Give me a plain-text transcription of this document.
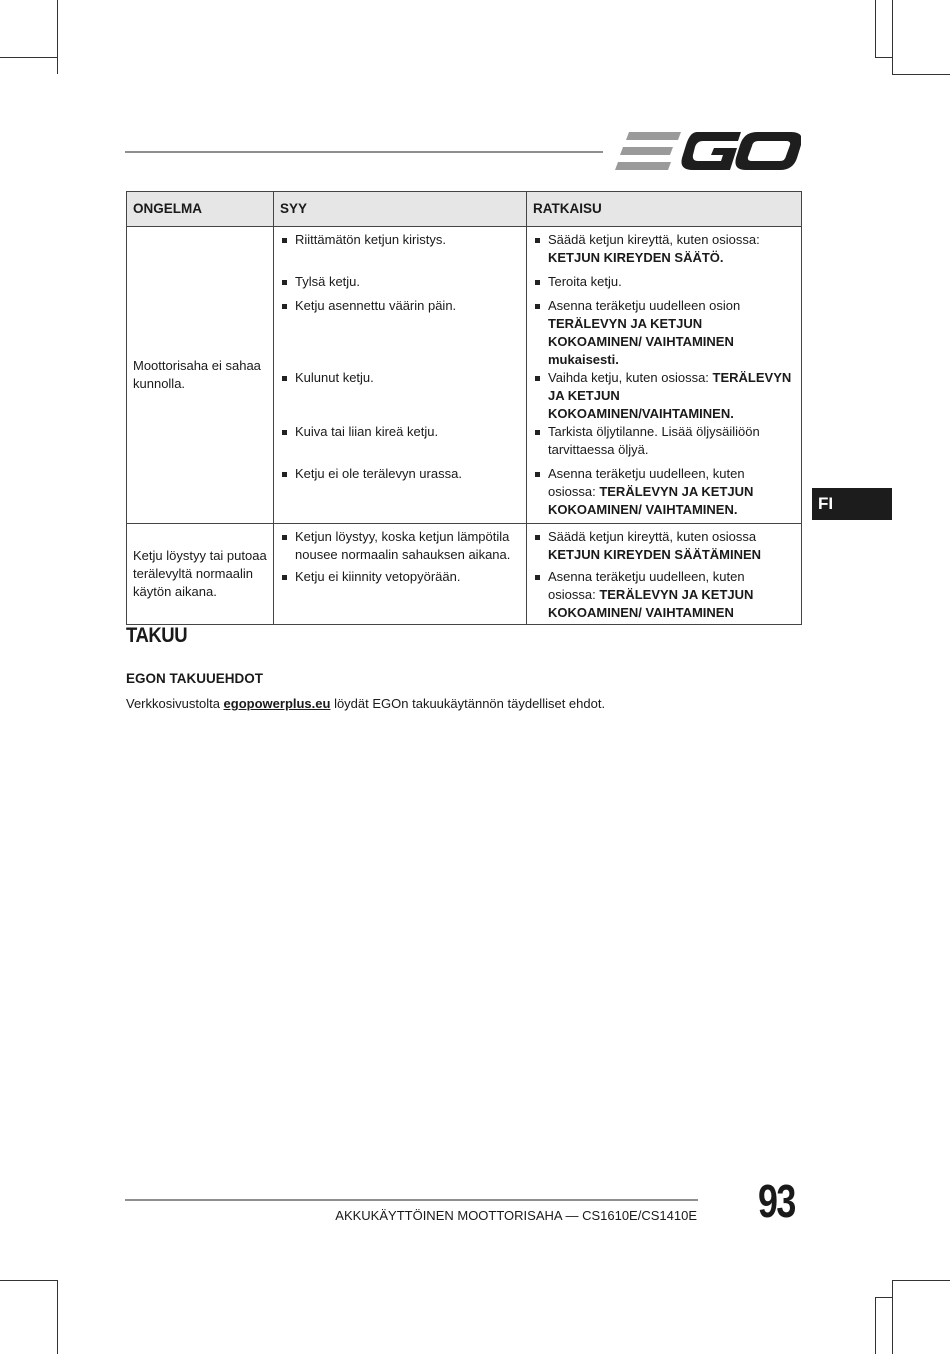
FI
ONGELMA	SYY	RATKAISU
Moottorisaha ei sahaa kunnolla.	Riittämätön ketjun kiristys.	Säädä ketjun kireyttä, kuten osiossa: KETJUN KIREYDEN SÄÄTÖ.

	Tylsä ketju.	Teroita ketju.

	Ketju asennettu väärin päin.	Asenna teräketju uudelleen osion TERÄLEVYN JA KETJUN KOKOAMINEN/ VAIHTAMINEN mukaisesti.

	Kulunut ketju.	Vaihda ketju, kuten osiossa: TERÄLEVYN JA KETJUN KOKOAMINEN/VAIHTAMINEN.

	Kuiva tai liian kireä ketju.	Tarkista öljytilanne. Lisää öljysäiliöön tarvittaessa öljyä.

	Ketju ei ole terälevyn urassa.	Asenna teräketju uudelleen, kuten osiossa: TERÄLEVYN JA KETJUN KOKOAMINEN/ VAIHTAMINEN.

Ketju löystyy tai putoaa terälevyltä normaalin käytön aikana.	Ketjun löystyy, koska ketjun lämpötila nousee normaalin sahauksen aikana.	Säädä ketjun kireyttä, kuten osiossa KETJUN KIREYDEN SÄÄTÄMINEN

	Ketju ei kiinnity vetopyörään.	Asenna teräketju uudelleen, kuten osiossa: TERÄLEVYN JA KETJUN KOKOAMINEN/ VAIHTAMINEN
TAKUU
EGON TAKUUEHDOT
Verkkosivustolta egopowerplus.eu löydät EGOn takuukäytännön täydelliset ehdot.
AKKUKÄYTTÖINEN MOOTTORISAHA — CS1610E/CS1410E 93
